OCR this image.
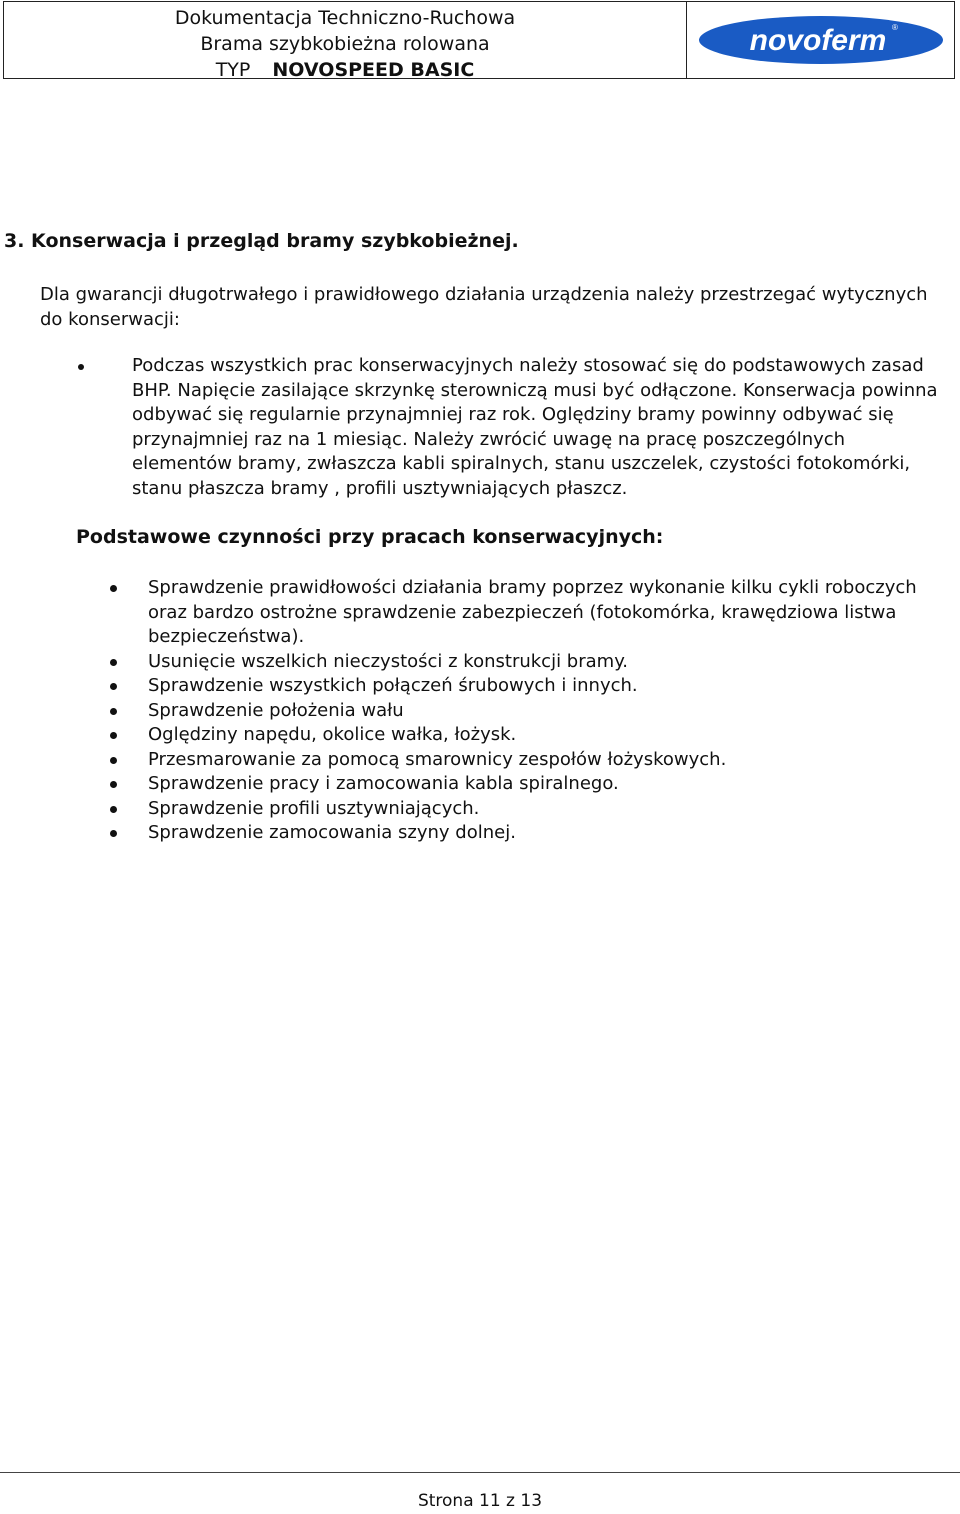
Dokumentacja Techniczno-Ruchowa
Brama szybkobieżna rolowana
TYP NOVOSPEED BASIC
novoferm ®
3. Konserwacja i przegląd bramy szybkobieżnej.

Dla gwarancji długotrwałego i prawidłowego działania urządzenia należy przestrzegać wytycznych do konserwacji:

Podczas wszystkich prac konserwacyjnych należy stosować się do podstawowych zasad BHP. Napięcie zasilające skrzynkę sterowniczą musi być odłączone. Konserwacja powinna odbywać się regularnie przynajmniej raz rok. Oględziny bramy powinny odbywać się przynajmniej raz na 1 miesiąc. Należy zwrócić uwagę na pracę poszczególnych elementów bramy, zwłaszcza kabli spiralnych, stanu uszczelek, czystości fotokomórki, stanu płaszcza bramy , profili usztywniających płaszcz.

Podstawowe czynności przy pracach konserwacyjnych:
Sprawdzenie prawidłowości działania bramy poprzez wykonanie kilku cykli roboczych oraz bardzo ostrożne sprawdzenie zabezpieczeń (fotokomórka, krawędziowa listwa bezpieczeństwa).
Usunięcie wszelkich nieczystości z konstrukcji bramy.
Sprawdzenie wszystkich połączeń śrubowych i innych.
Sprawdzenie położenia wału
Oględziny napędu, okolice wałka, łożysk.
Przesmarowanie za pomocą smarownicy zespołów łożyskowych.
Sprawdzenie pracy i zamocowania kabla spiralnego.
Sprawdzenie profili usztywniających.
Sprawdzenie zamocowania szyny dolnej.
Strona 11 z 13
